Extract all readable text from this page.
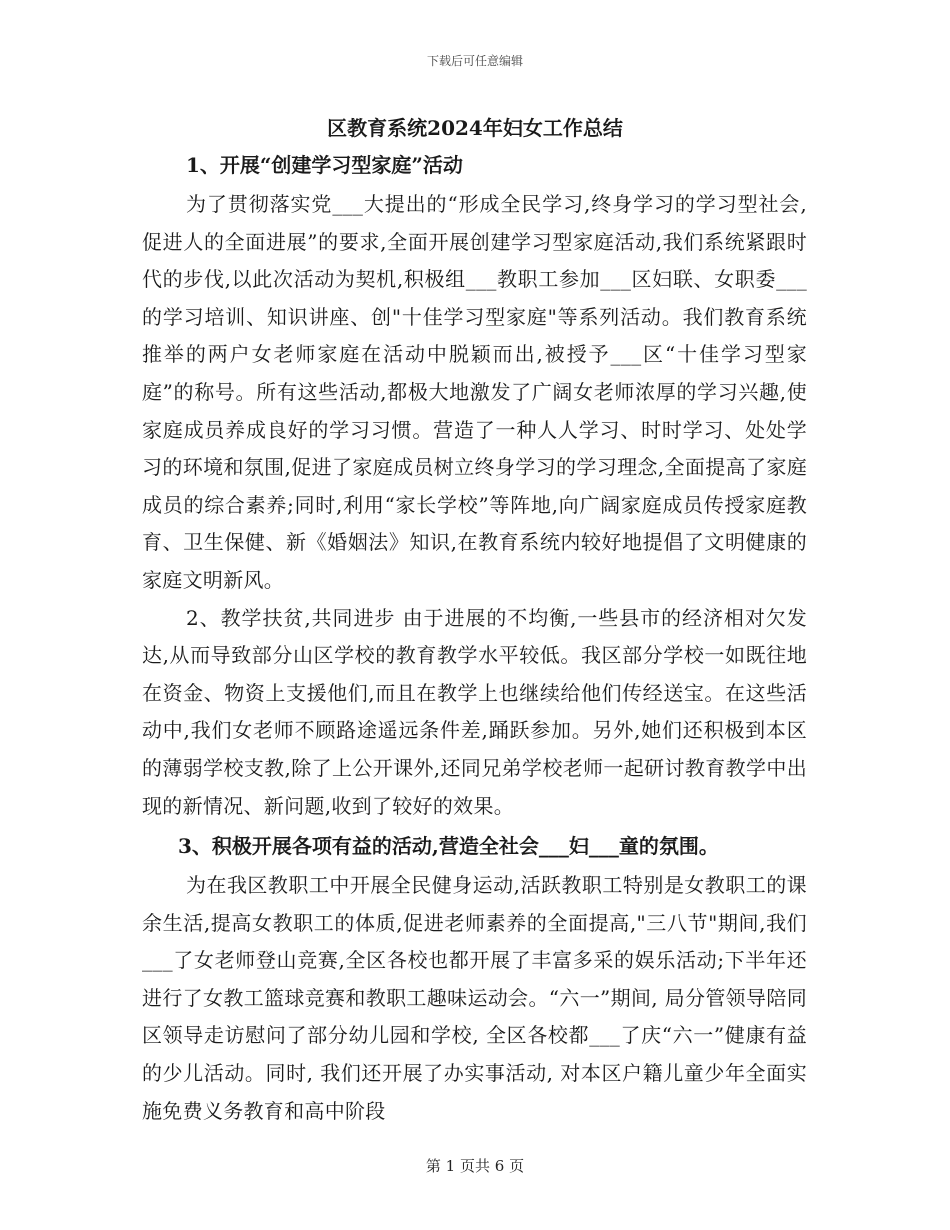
下载后可任意编辑
区教育系统2024年妇女工作总结

1、开展“创建学习型家庭”活动

为了贯彻落实党___大提出的“形成全民学习,终身学习的学习型社会,促进人的全面进展”的要求,全面开展创建学习型家庭活动,我们系统紧跟时代的步伐,以此次活动为契机,积极组___教职工参加___区妇联、女职委___的学习培训、知识讲座、创"十佳学习型家庭"等系列活动。我们教育系统推举的两户女老师家庭在活动中脱颖而出,被授予___区“十佳学习型家庭”的称号。所有这些活动,都极大地激发了广阔女老师浓厚的学习兴趣,使家庭成员养成良好的学习习惯。营造了一种人人学习、时时学习、处处学习的环境和氛围,促进了家庭成员树立终身学习的学习理念,全面提高了家庭成员的综合素养;同时,利用“家长学校”等阵地,向广阔家庭成员传授家庭教育、卫生保健、新《婚姻法》知识,在教育系统内较好地提倡了文明健康的家庭文明新风。

2、教学扶贫,共同进步 由于进展的不均衡,一些县市的经济相对欠发达,从而导致部分山区学校的教育教学水平较低。我区部分学校一如既往地在资金、物资上支援他们,而且在教学上也继续给他们传经送宝。在这些活动中,我们女老师不顾路途遥远条件差,踊跃参加。另外,她们还积极到本区的薄弱学校支教,除了上公开课外,还同兄弟学校老师一起研讨教育教学中出现的新情况、新问题,收到了较好的效果。

3、积极开展各项有益的活动,营造全社会___妇___童的氛围。

为在我区教职工中开展全民健身运动,活跃教职工特别是女教职工的课余生活,提高女教职工的体质,促进老师素养的全面提高,"三八节"期间,我们___了女老师登山竞赛,全区各校也都开展了丰富多采的娱乐活动;下半年还进行了女教工篮球竞赛和教职工趣味运动会。“六一”期间, 局分管领导陪同区领导走访慰问了部分幼儿园和学校, 全区各校都___了庆“六一”健康有益的少儿活动。同时, 我们还开展了办实事活动, 对本区户籍儿童少年全面实施免费义务教育和高中阶段

第 1 页共 6 页
